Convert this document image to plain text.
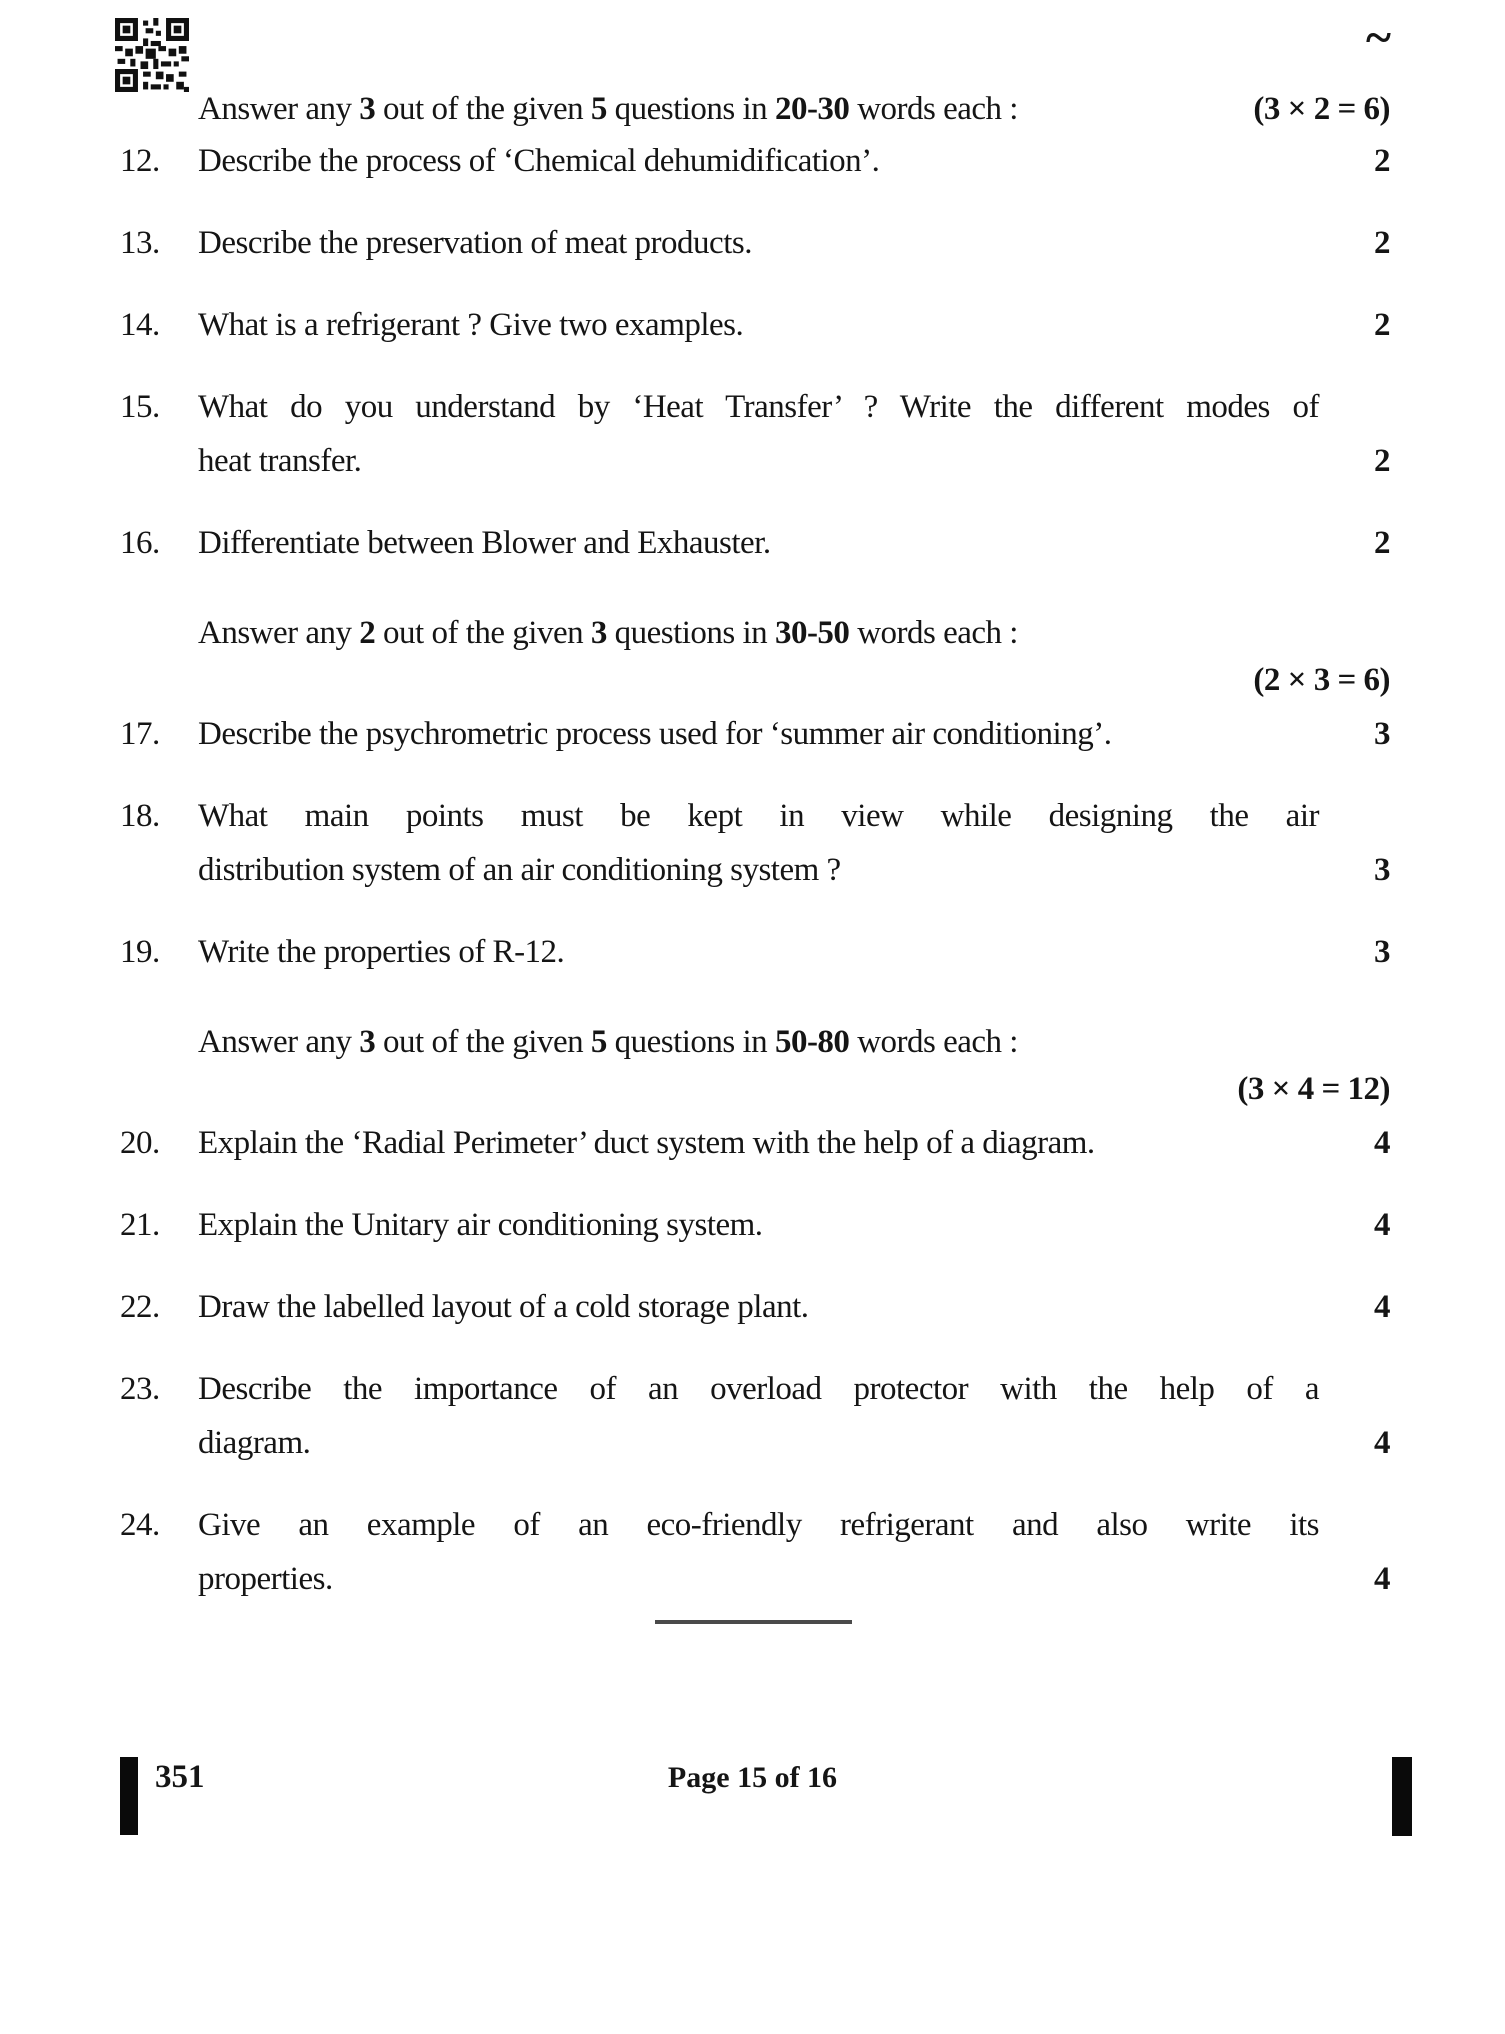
~
Answer any 3 out of the given 5 questions in 20-30 words each :	(3 × 2 = 6)
12.	Describe the process of ‘Chemical dehumidification’.	2
13.	Describe the preservation of meat products.	2
14.	What is a refrigerant ? Give two examples.	2
15.	What do you understand by ‘Heat Transfer’ ? Write the different modes of
heat transfer.	2
16.	Differentiate between Blower and Exhauster.	2
Answer any 2 out of the given 3 questions in 30-50 words each :
(2 × 3 = 6)
17.	Describe the psychrometric process used for ‘summer air conditioning’.	3
18.	What main points must be kept in view while designing the air
distribution system of an air conditioning system ?	3
19.	Write the properties of R-12.	3
Answer any 3 out of the given 5 questions in 50-80 words each :
(3 × 4 = 12)
20.	Explain the ‘Radial Perimeter’ duct system with the help of a diagram.	4
21.	Explain the Unitary air conditioning system.	4
22.	Draw the labelled layout of a cold storage plant.	4
23.	Describe the importance of an overload protector with the help of a
diagram.	4
24.	Give an example of an eco-friendly refrigerant and also write its
properties.	4
351	Page 15 of 16
